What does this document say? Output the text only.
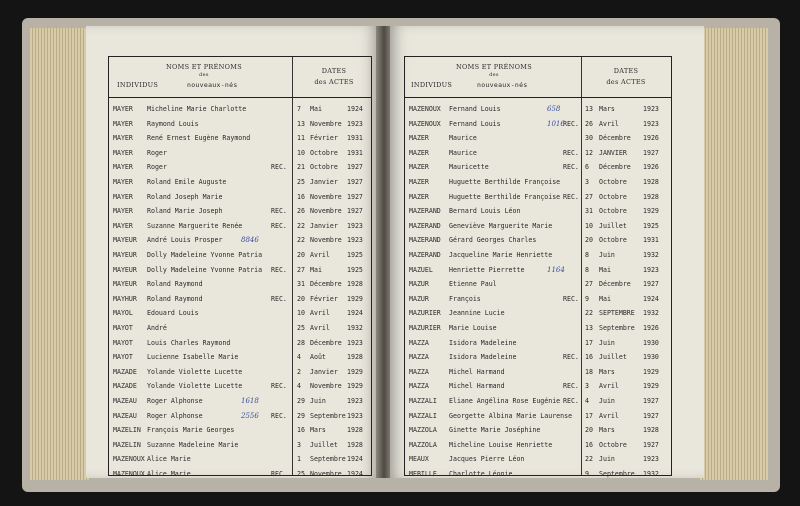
NOMS ET PRÉNOMS
des
INDIVIDUS	nouveaux-nés
DATES
des ACTES
MAYER Micheline Marie Charlotte	7 Mai	1924
MAYER Raymond Louis	13 Novembre 1923
MAYER René Ernest Eugène Raymond	11 Février 1931
MAYER Roger	10 Octobre 1931
MAYER Roger	REC. 21 Octobre 1927
MAYER Roland Emile Auguste	25 Janvier 1927
MAYER Roland Joseph Marie	16 Novembre 1927
MAYER Roland Marie Joseph	REC. 26 Novembre 1927
MAYER Suzanne Marguerite Renée	REC. 22 Janvier 1923
MAYEUR André Louis Prosper	22 Novembre 1923
8846
MAYEUR Dolly Madeleine Yvonne Patria	20 Avril	1925
MAYEUR Dolly Madeleine Yvonne Patria REC. 27 Mai	1925
MAYEUR Roland Raymond	31 Décembre 1928
MAYHUR Roland Raymond	REC. 20 Février 1929
MAYOL Edouard Louis	10 Avril	1924
MAYOT André	25 Avril	1932
MAYOT Louis Charles Raymond	28 Décembre 1923
MAYOT Lucienne Isabelle Marie	4 Août	1928
MAZADE Yolande Violette Lucette	2 Janvier 1929
MAZADE Yolande Violette Lucette	REC. 4 Novembre 1929
MAZEAU Roger Alphonse	29 Juin	1923
1618
MAZEAU Roger Alphonse	REC. 29 Septembre 1923
2556
MAZELIN François Marie Georges	16 Mars	1928
MAZELIN Suzanne Madeleine Marie	3 Juillet 1928
MAZENOUX Alice Marie	1 Septembre 1924
MAZENOUX Alice Marie	REC. 25 Novembre 1924
NOMS ET PRÉNOMS
des
INDIVIDUS	nouveaux-nés
DATES
des ACTES
MAZENOUX Fernand Louis	13 Mars	1923
658
MAZENOUX Fernand Louis	REC. 26 Avril	1923
1016
MAZER	Maurice	30 Décembre 1926
MAZER	Maurice	REC. 12 JANVIER 1927
MAZER	Mauricette	REC. 6 Décembre 1926
MAZER	Huguette Berthilde Françoise	3 Octobre 1928
MAZER	Huguette Berthilde Françoise REC. 27 Octobre 1928
MAZERAND Bernard Louis Léon	31 Octobre 1929
MAZERAND Geneviève Marguerite Marie	10 Juillet 1925
MAZERAND Gérard Georges Charles	20 Octobre 1931
MAZERAND Jacqueline Marie Henriette	8 Juin	1932
MAZUEL Henriette Pierrette	8 Mai	1923
1164
MAZUR	Etienne Paul	27 Décembre 1927
MAZUR	François	REC. 9 Mai	1924
MAZURIER Jeannine Lucie	22 SEPTEMBRE 1932
MAZURIER Marie Louise	13 Septembre 1926
MAZZA	Isidora Madeleine	17 Juin	1930
MAZZA	Isidora Madeleine	REC. 16 Juillet 1930
MAZZA	Michel Harmand	18 Mars	1929
MAZZA	Michel Harmand	REC. 3 Avril	1929
MAZZALI Eliane Angélina Rose Eugénie REC. 4 Juin	1927
MAZZALI Georgette Albina Marie Laurense 17 Avril	1927
MAZZOLA Ginette Marie Joséphine	20 Mars	1928
MAZZOLA Micheline Louise Henriette	16 Octobre 1927
MEAUX	Jacques Pierre Léon	22 Juin	1923
MEBILLE Charlotte Léonie	9 Septembre 1932
